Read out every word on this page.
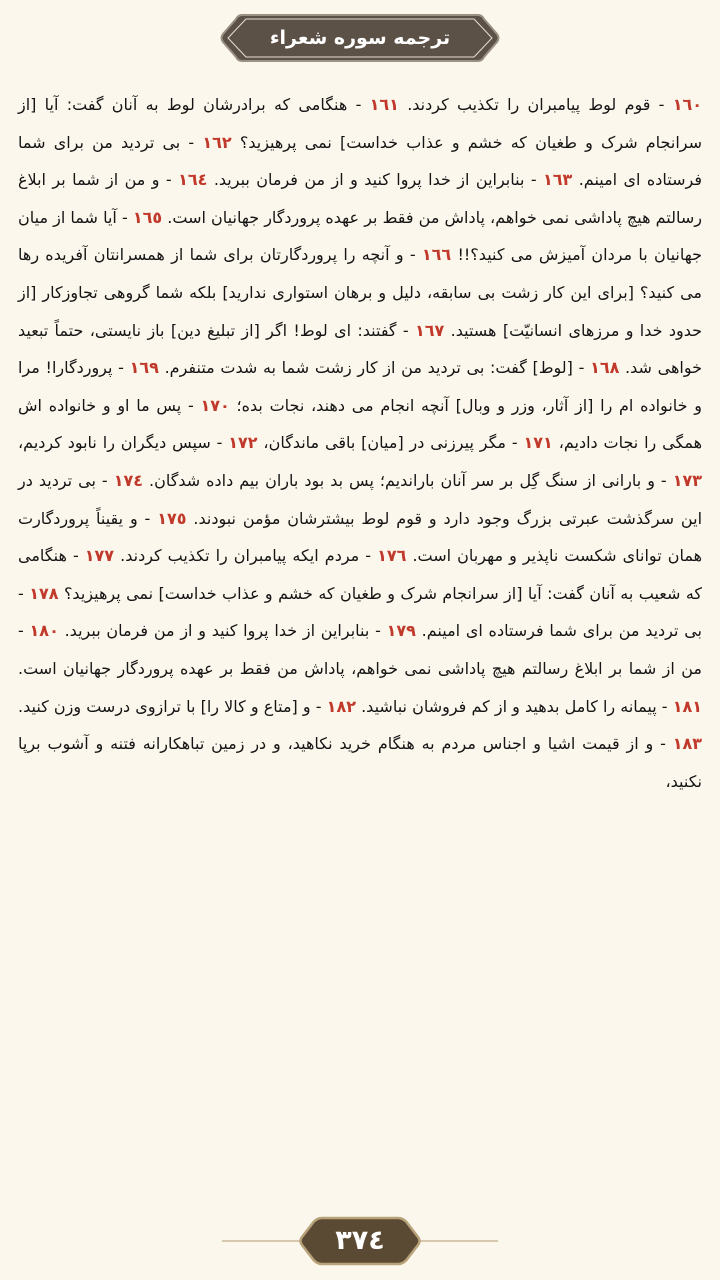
ترجمه سوره شعراء

١٦٠ - قوم لوط پیامبران را تکذیب کردند. ١٦١ - هنگامی که برادرشان لوط به آنان گفت: آیا [از سرانجام شرک و طغیان که خشم و عذاب خداست] نمی پرهیزید؟ ١٦٢ - بی تردید من برای شما فرستاده ای امینم. ١٦٣ - بنابراین از خدا پروا کنید و از من فرمان ببرید. ١٦٤ - و من از شما بر ابلاغ رسالتم هیچ پاداشی نمی خواهم، پاداش من فقط بر عهده پروردگار جهانیان است. ١٦٥ - آیا شما از میان جهانیان با مردان آمیزش می کنید؟!! ١٦٦ - و آنچه را پروردگارتان برای شما از همسرانتان آفریده رها می کنید؟ [برای این کار زشت بی سابقه، دلیل و برهان استواری ندارید] بلکه شما گروهی تجاوزکار [از حدود خدا و مرزهای انسانیّت] هستید. ١٦٧ - گفتند: ای لوط! اگر [از تبلیغ دین] باز نایستی، حتماً تبعید خواهی شد. ١٦٨ - [لوط] گفت: بی تردید من از کار زشت شما به شدت متنفرم. ١٦٩ - پروردگارا! مرا و خانواده ام را [از آثار، وزر و وبال] آنچه انجام می دهند، نجات بده؛ ١٧٠ - پس ما او و خانواده اش همگی را نجات دادیم، ١٧١ - مگر پیرزنی در [میان] باقی ماندگان، ١٧٢ - سپس دیگران را نابود کردیم، ١٧٣ - و بارانی از سنگ گِل بر سر آنان باراندیم؛ پس بد بود باران بیم داده شدگان. ١٧٤ - بی تردید در این سرگذشت عبرتی بزرگ وجود دارد و قوم لوط بیشترشان مؤمن نبودند. ١٧٥ - و یقیناً پروردگارت همان توانای شکست ناپذیر و مهربان است. ١٧٦ - مردم ایکه پیامبران را تکذیب کردند. ١٧٧ - هنگامی که شعیب به آنان گفت: آیا [از سرانجام شرک و طغیان که خشم و عذاب خداست] نمی پرهیزید؟ ١٧٨ - بی تردید من برای شما فرستاده ای امینم. ١٧٩ - بنابراین از خدا پروا کنید و از من فرمان ببرید. ١٨٠ - من از شما بر ابلاغ رسالتم هیچ پاداشی نمی خواهم، پاداش من فقط بر عهده پروردگار جهانیان است. ١٨١ - پیمانه را کامل بدهید و از کم فروشان نباشید. ١٨٢ - و [متاع و کالا را] با ترازوی درست وزن کنید. ١٨٣ - و از قیمت اشیا و اجناس مردم به هنگام خرید نکاهید، و در زمین تباهکارانه فتنه و آشوب برپا نکنید،

٣٧٤
